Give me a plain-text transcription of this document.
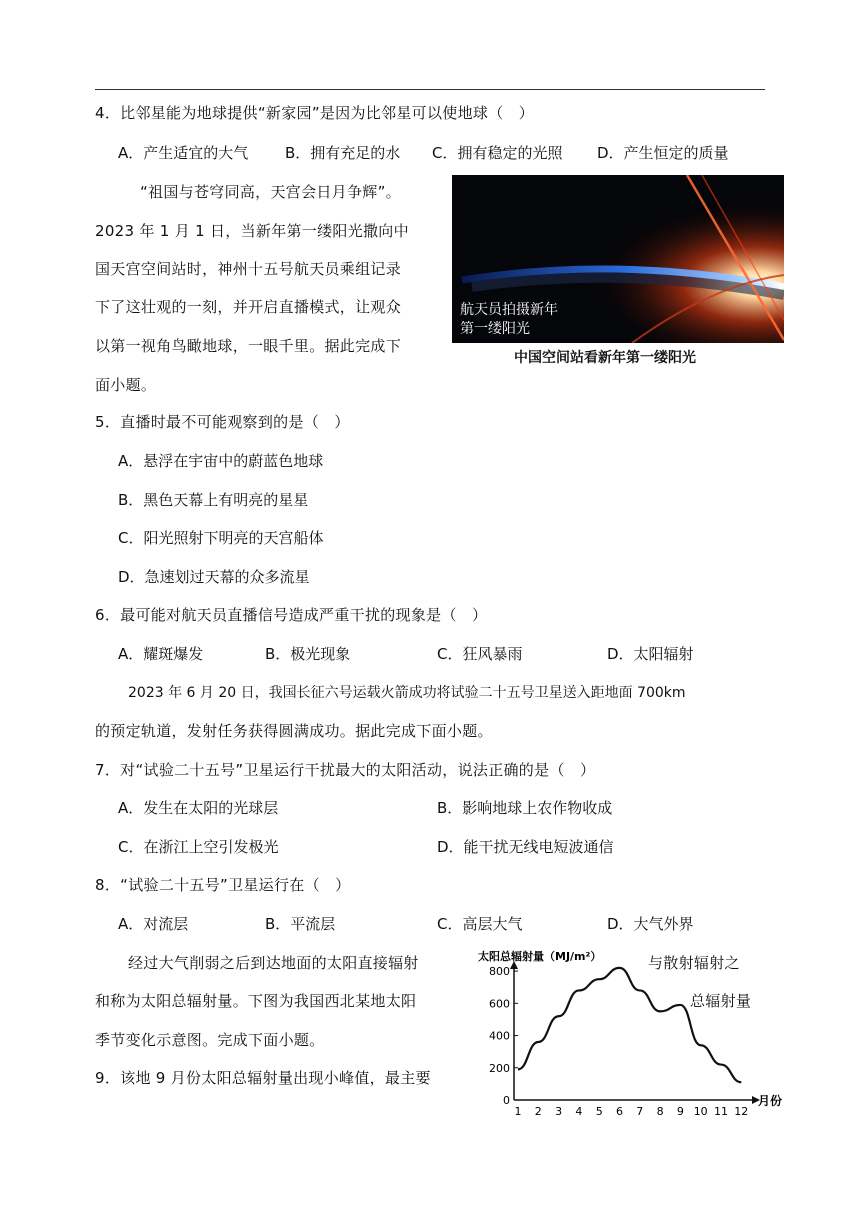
4．比邻星能为地球提供“新家园”是因为比邻星可以使地球（　）
A．产生适宜的大气 B．拥有充足的水 C．拥有稳定的光照 D．产生恒定的质量
“祖国与苍穹同高，天宫会日月争辉”。
2023 年 1 月 1 日，当新年第一缕阳光撒向中
国天宫空间站时，神州十五号航天员乘组记录
下了这壮观的一刻，并开启直播模式，让观众
以第一视角鸟瞰地球，一眼千里。据此完成下
面小题。
航天员拍摄新年
第一缕阳光
中国空间站看新年第一缕阳光
5．直播时最不可能观察到的是（　）
A．悬浮在宇宙中的蔚蓝色地球
B．黑色天幕上有明亮的星星
C．阳光照射下明亮的天宫船体
D．急速划过天幕的众多流星
6．最可能对航天员直播信号造成严重干扰的现象是（　）
A．耀斑爆发	B．极光现象	C．狂风暴雨	D．太阳辐射
2023 年 6 月 20 日，我国长征六号运载火箭成功将试验二十五号卫星送入距地面 700km
的预定轨道，发射任务获得圆满成功。据此完成下面小题。
7．对“试验二十五号”卫星运行干扰最大的太阳活动，说法正确的是（　）
A．发生在太阳的光球层	B．影响地球上农作物收成
C．在浙江上空引发极光	D．能干扰无线电短波通信
8．“试验二十五号”卫星运行在（　）
A．对流层	B．平流层	C．高层大气	D．大气外界
经过大气削弱之后到达地面的太阳直接辐射
和称为太阳总辐射量。下图为我国西北某地太阳
季节变化示意图。完成下面小题。
与散射辐射之
总辐射量
9．该地 9 月份太阳总辐射量出现小峰值，最主要
太阳总辐射量（MJ/m²）
月份
0
200
400
600
800
1 2 3 4 5 6 7 8 9 10 11 12
